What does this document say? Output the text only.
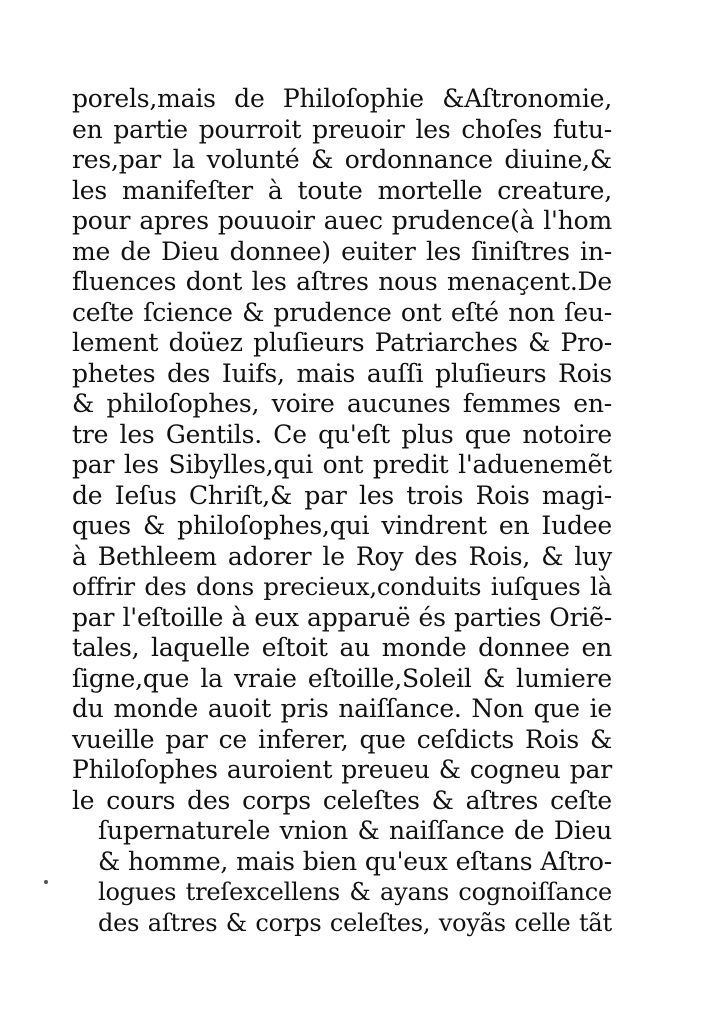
porels,mais de Philoſophie &Aſtronomie,
en partie pourroit preuoir les choſes futu-
res,par la volunté & ordonnance diuine,&
les manifeſter à toute mortelle creature,
pour apres pouuoir auec prudence(à l'hom
me de Dieu donnee) euiter les ſiniſtres in-
fluences dont les aſtres nous menaçent.De
ceſte ſcience & prudence ont eſté non ſeu-
lement doüez pluſieurs Patriarches & Pro-
phetes des Iuifs, mais auſſi pluſieurs Rois
& philoſophes, voire aucunes femmes en-
tre les Gentils. Ce qu'eſt plus que notoire
par les Sibylles,qui ont predit l'aduenemẽt
de Ieſus Chriſt,& par les trois Rois magi-
ques & philoſophes,qui vindrent en Iudee
à Bethleem adorer le Roy des Rois, & luy
offrir des dons precieux,conduits iuſques là
par l'eſtoille à eux apparuë és parties Oriẽ-
tales, laquelle eſtoit au monde donnee en
ſigne,que la vraie eſtoille,Soleil & lumiere
du monde auoit pris naiſſance. Non que ie
vueille par ce inferer, que ceſdicts Rois &
Philoſophes auroient preueu & cogneu par
le cours des corps celeſtes & aſtres ceſte
ſupernaturele vnion & naiſſance de Dieu
& homme, mais bien qu'eux eſtans Aſtro-
logues treſexcellens & ayans cognoiſſance
des aſtres & corps celeſtes, voyãs celle tãt
